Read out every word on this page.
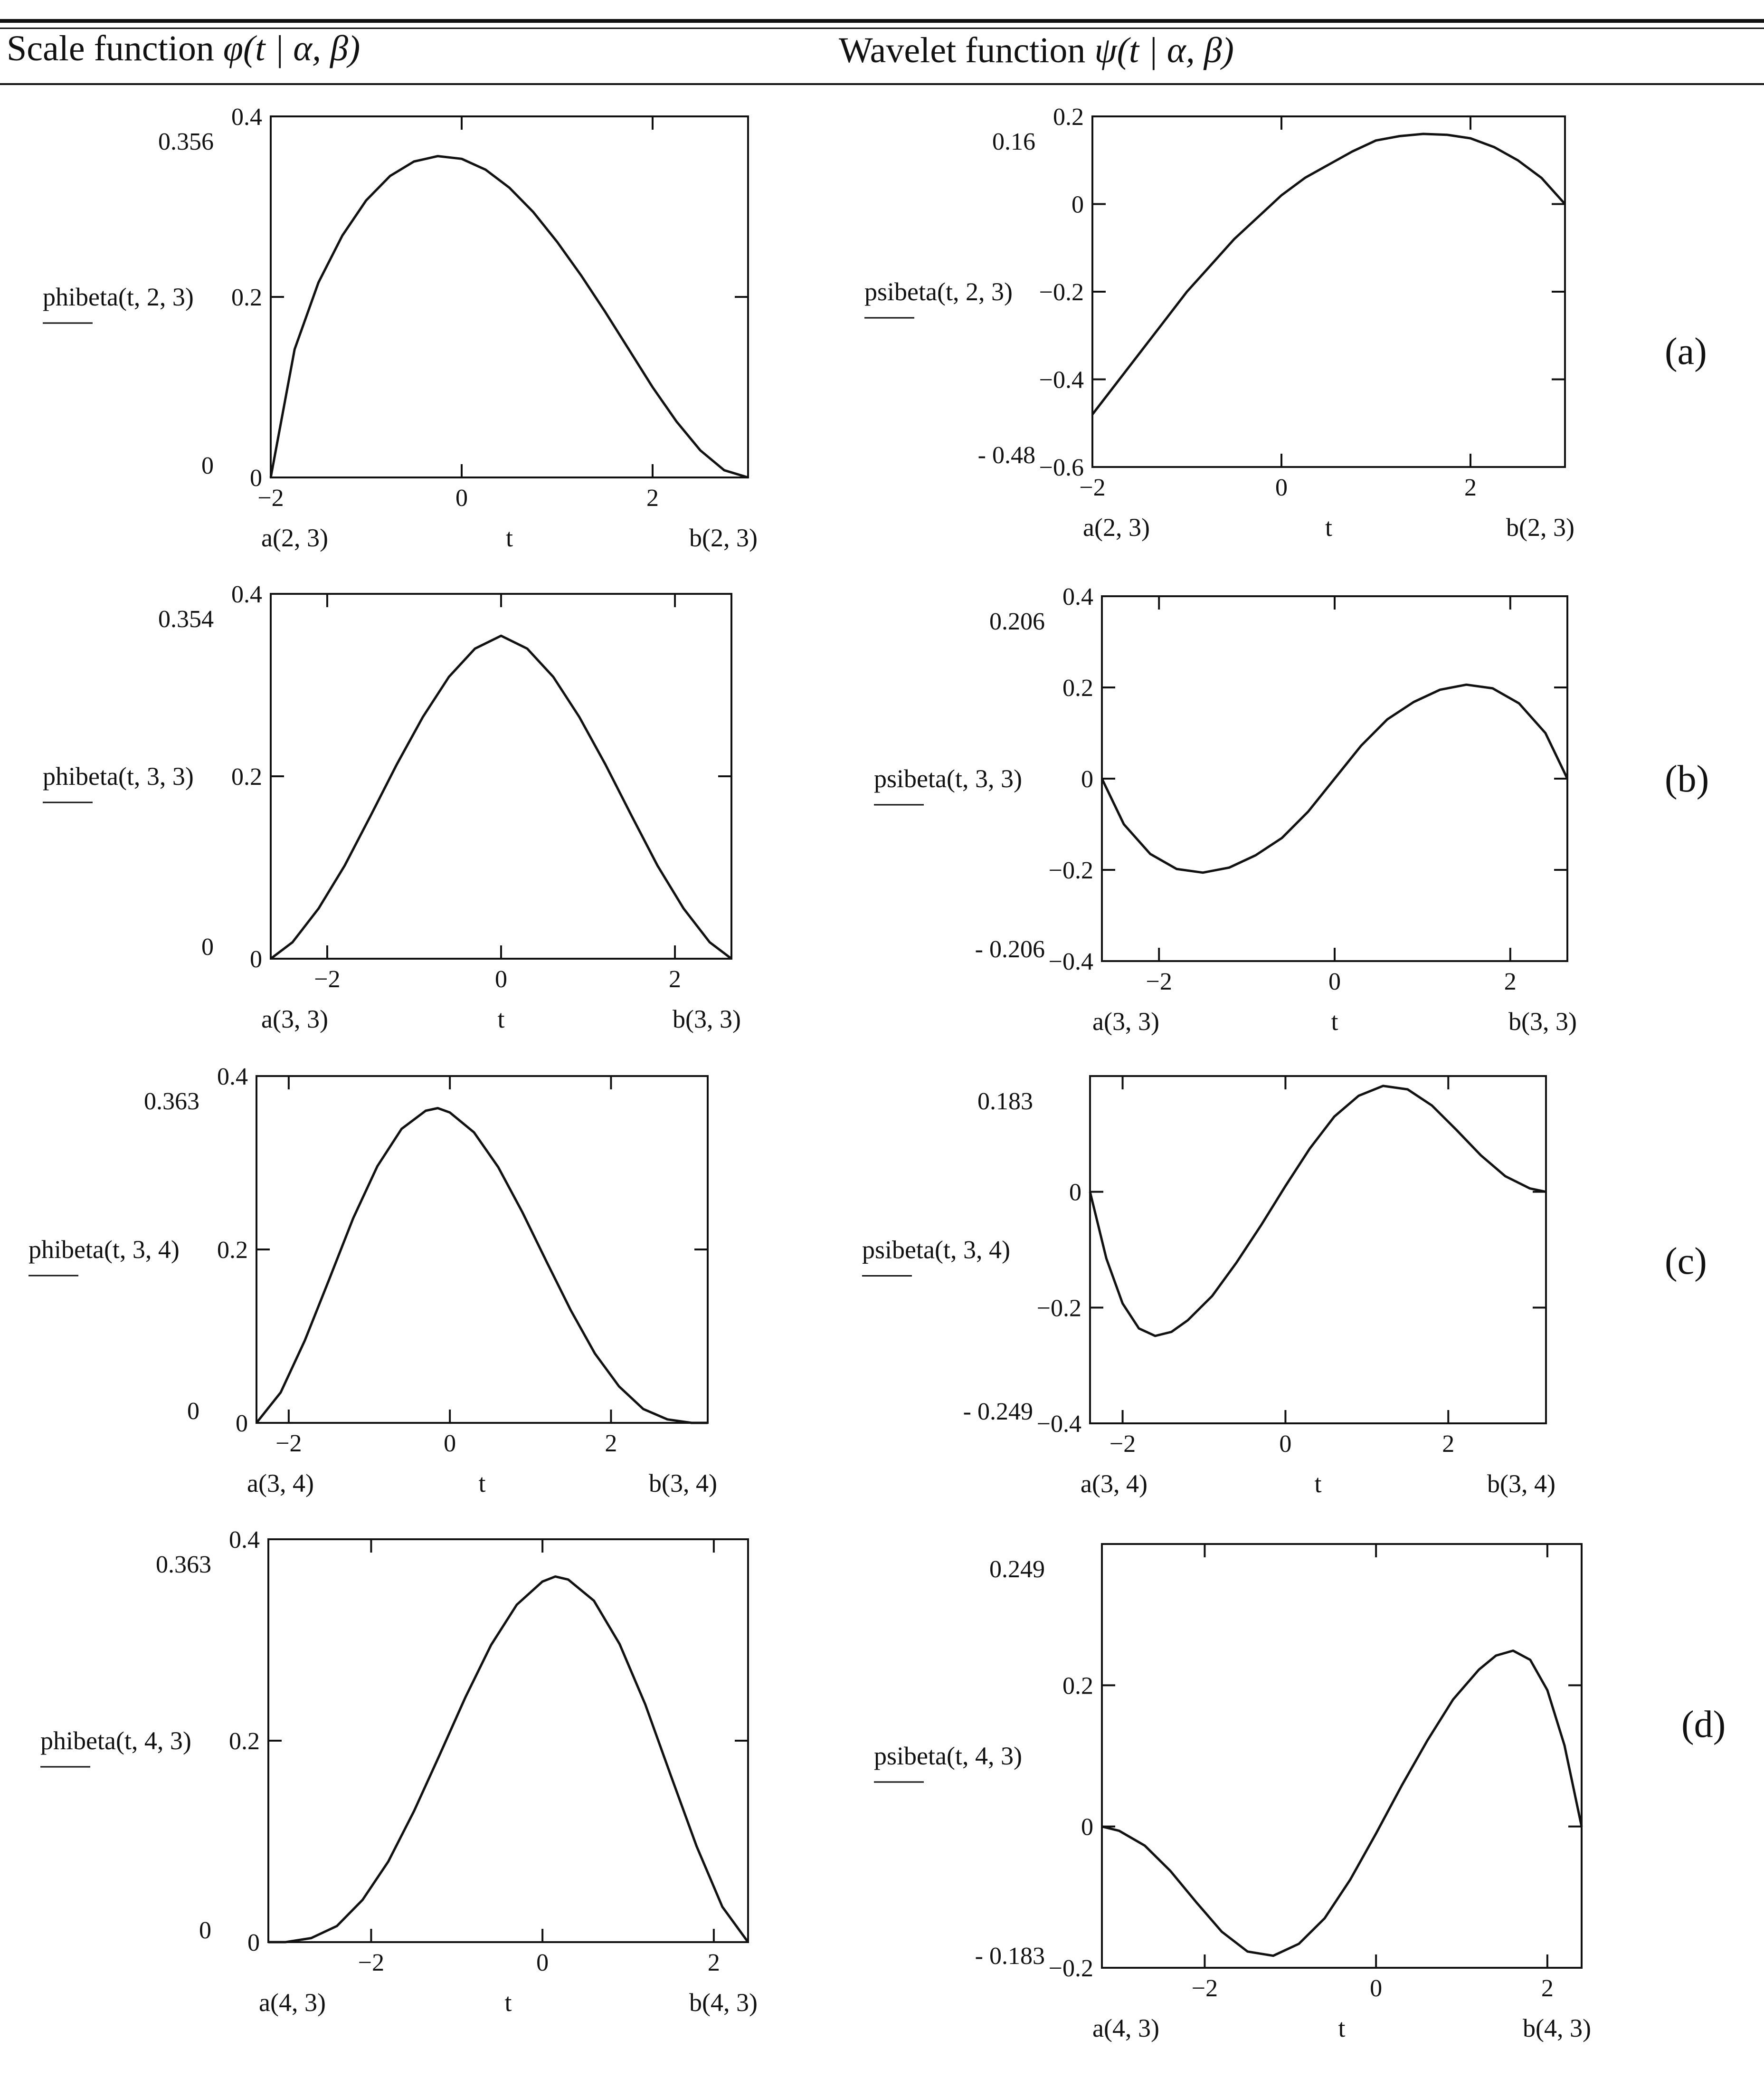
Scale function φ(t | α, β)	Wavelet function ψ(t | α, β)
(a)
(b)
(c)
(d)
−2	0	2
0
0.2
0.4
phibeta(t, 2, 3)
0.356
0
a(2, 3)	b(2, 3)
t
−2	0	2
−0.6
−0.4
−0.2
0
0.2
psibeta(t, 2, 3)
0.16
- 0.48
a(2, 3)	b(2, 3)
t
−2	0	2
0
0.2
0.4
phibeta(t, 3, 3)
0.354
0
a(3, 3)	b(3, 3)
t
−2	0	2
−0.4
−0.2
0
0.2
0.4
psibeta(t, 3, 3)
0.206
- 0.206
a(3, 3)	b(3, 3)
t
−2	0	2
0
0.2
0.4
phibeta(t, 3, 4)
0.363
0
a(3, 4)	b(3, 4)
t
−2	0	2
−0.4
−0.2
0
psibeta(t, 3, 4)
0.183
- 0.249
a(3, 4)	b(3, 4)
t
−2	0	2
0
0.2
0.4
phibeta(t, 4, 3)
0.363
0
a(4, 3)	b(4, 3)
t	−2	0	2
−0.2
0
0.2
psibeta(t, 4, 3)
0.249
- 0.183
a(4, 3)	b(4, 3)
t
